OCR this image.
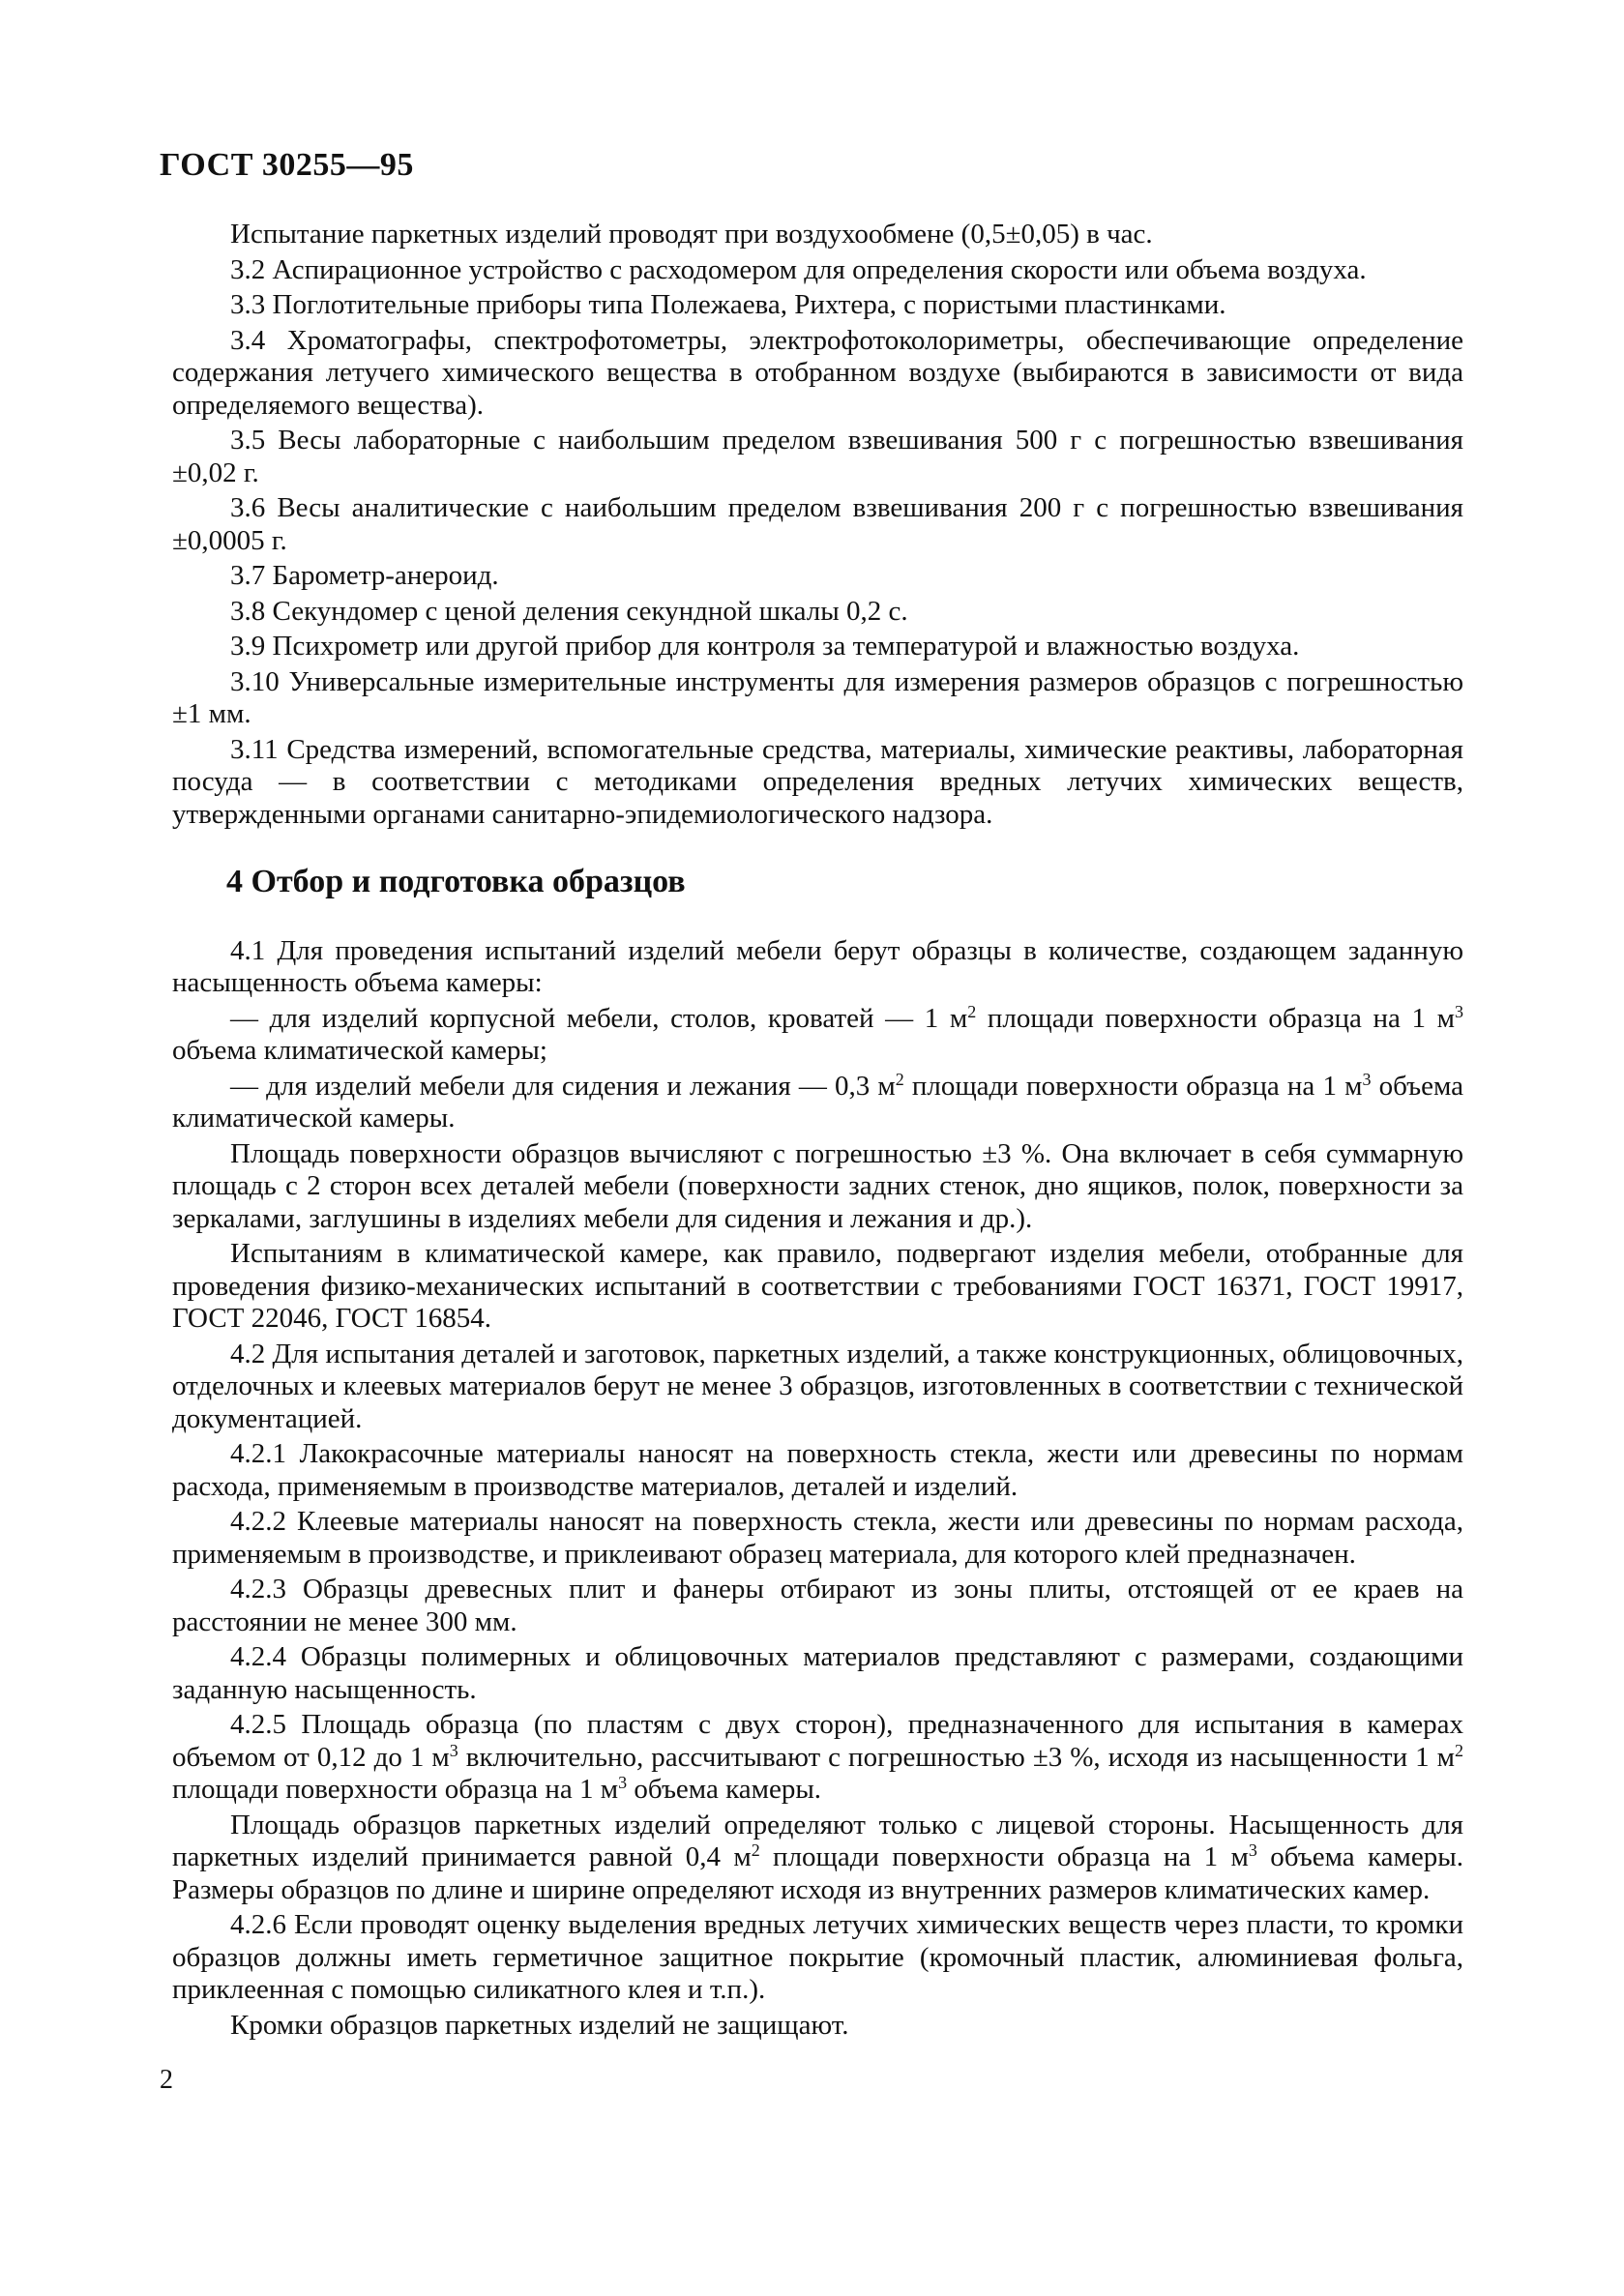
ГОСТ 30255—95

Испытание паркетных изделий проводят при воздухообмене (0,5±0,05) в час.

3.2 Аспирационное устройство с расходомером для определения скорости или объема воздуха.

3.3 Поглотительные приборы типа Полежаева, Рихтера, с пористыми пластинками.

3.4 Хроматографы, спектрофотометры, электрофотоколориметры, обеспечивающие определение содержания летучего химического вещества в отобранном воздухе (выбираются в зависимости от вида определяемого вещества).

3.5 Весы лабораторные с наибольшим пределом взвешивания 500 г с погрешностью взвешивания ±0,02 г.

3.6 Весы аналитические с наибольшим пределом взвешивания 200 г с погрешностью взвешивания ±0,0005 г.

3.7 Барометр-анероид.

3.8 Секундомер с ценой деления секундной шкалы 0,2 с.

3.9 Психрометр или другой прибор для контроля за температурой и влажностью воздуха.

3.10 Универсальные измерительные инструменты для измерения размеров образцов с погрешностью ±1 мм.

3.11 Средства измерений, вспомогательные средства, материалы, химические реактивы, лабораторная посуда — в соответствии с методиками определения вредных летучих химических веществ, утвержденными органами санитарно-эпидемиологического надзора.

4 Отбор и подготовка образцов

4.1 Для проведения испытаний изделий мебели берут образцы в количестве, создающем заданную насыщенность объема камеры:

— для изделий корпусной мебели, столов, кроватей — 1 $м^2$ площади поверхности образца на 1 $м^3$ объема климатической камеры;

— для изделий мебели для сидения и лежания — 0,3 $м^2$ площади поверхности образца на 1 $м^3$ объема климатической камеры.

Площадь поверхности образцов вычисляют с погрешностью ±3 %. Она включает в себя суммарную площадь с 2 сторон всех деталей мебели (поверхности задних стенок, дно ящиков, полок, поверхности за зеркалами, заглушины в изделиях мебели для сидения и лежания и др.).

Испытаниям в климатической камере, как правило, подвергают изделия мебели, отобранные для проведения физико-механических испытаний в соответствии с требованиями ГОСТ 16371, ГОСТ 19917, ГОСТ 22046, ГОСТ 16854.

4.2 Для испытания деталей и заготовок, паркетных изделий, а также конструкционных, облицовочных, отделочных и клеевых материалов берут не менее 3 образцов, изготовленных в соответствии с технической документацией.

4.2.1 Лакокрасочные материалы наносят на поверхность стекла, жести или древесины по нормам расхода, применяемым в производстве материалов, деталей и изделий.

4.2.2 Клеевые материалы наносят на поверхность стекла, жести или древесины по нормам расхода, применяемым в производстве, и приклеивают образец материала, для которого клей предназначен.

4.2.3 Образцы древесных плит и фанеры отбирают из зоны плиты, отстоящей от ее краев на расстоянии не менее 300 мм.

4.2.4 Образцы полимерных и облицовочных материалов представляют с размерами, создающими заданную насыщенность.

4.2.5 Площадь образца (по пластям с двух сторон), предназначенного для испытания в камерах объемом от 0,12 до 1 $м^3$ включительно, рассчитывают с погрешностью ±3 %, исходя из насыщенности 1 $м^2$ площади поверхности образца на 1 $м^3$ объема камеры.

Площадь образцов паркетных изделий определяют только с лицевой стороны. Насыщенность для паркетных изделий принимается равной 0,4 $м^2$ площади поверхности образца на 1 $м^3$ объема камеры. Размеры образцов по длине и ширине определяют исходя из внутренних размеров климатических камер.

4.2.6 Если проводят оценку выделения вредных летучих химических веществ через пласти, то кромки образцов должны иметь герметичное защитное покрытие (кромочный пластик, алюминиевая фольга, приклеенная с помощью силикатного клея и т.п.).

Кромки образцов паркетных изделий не защищают.

2
